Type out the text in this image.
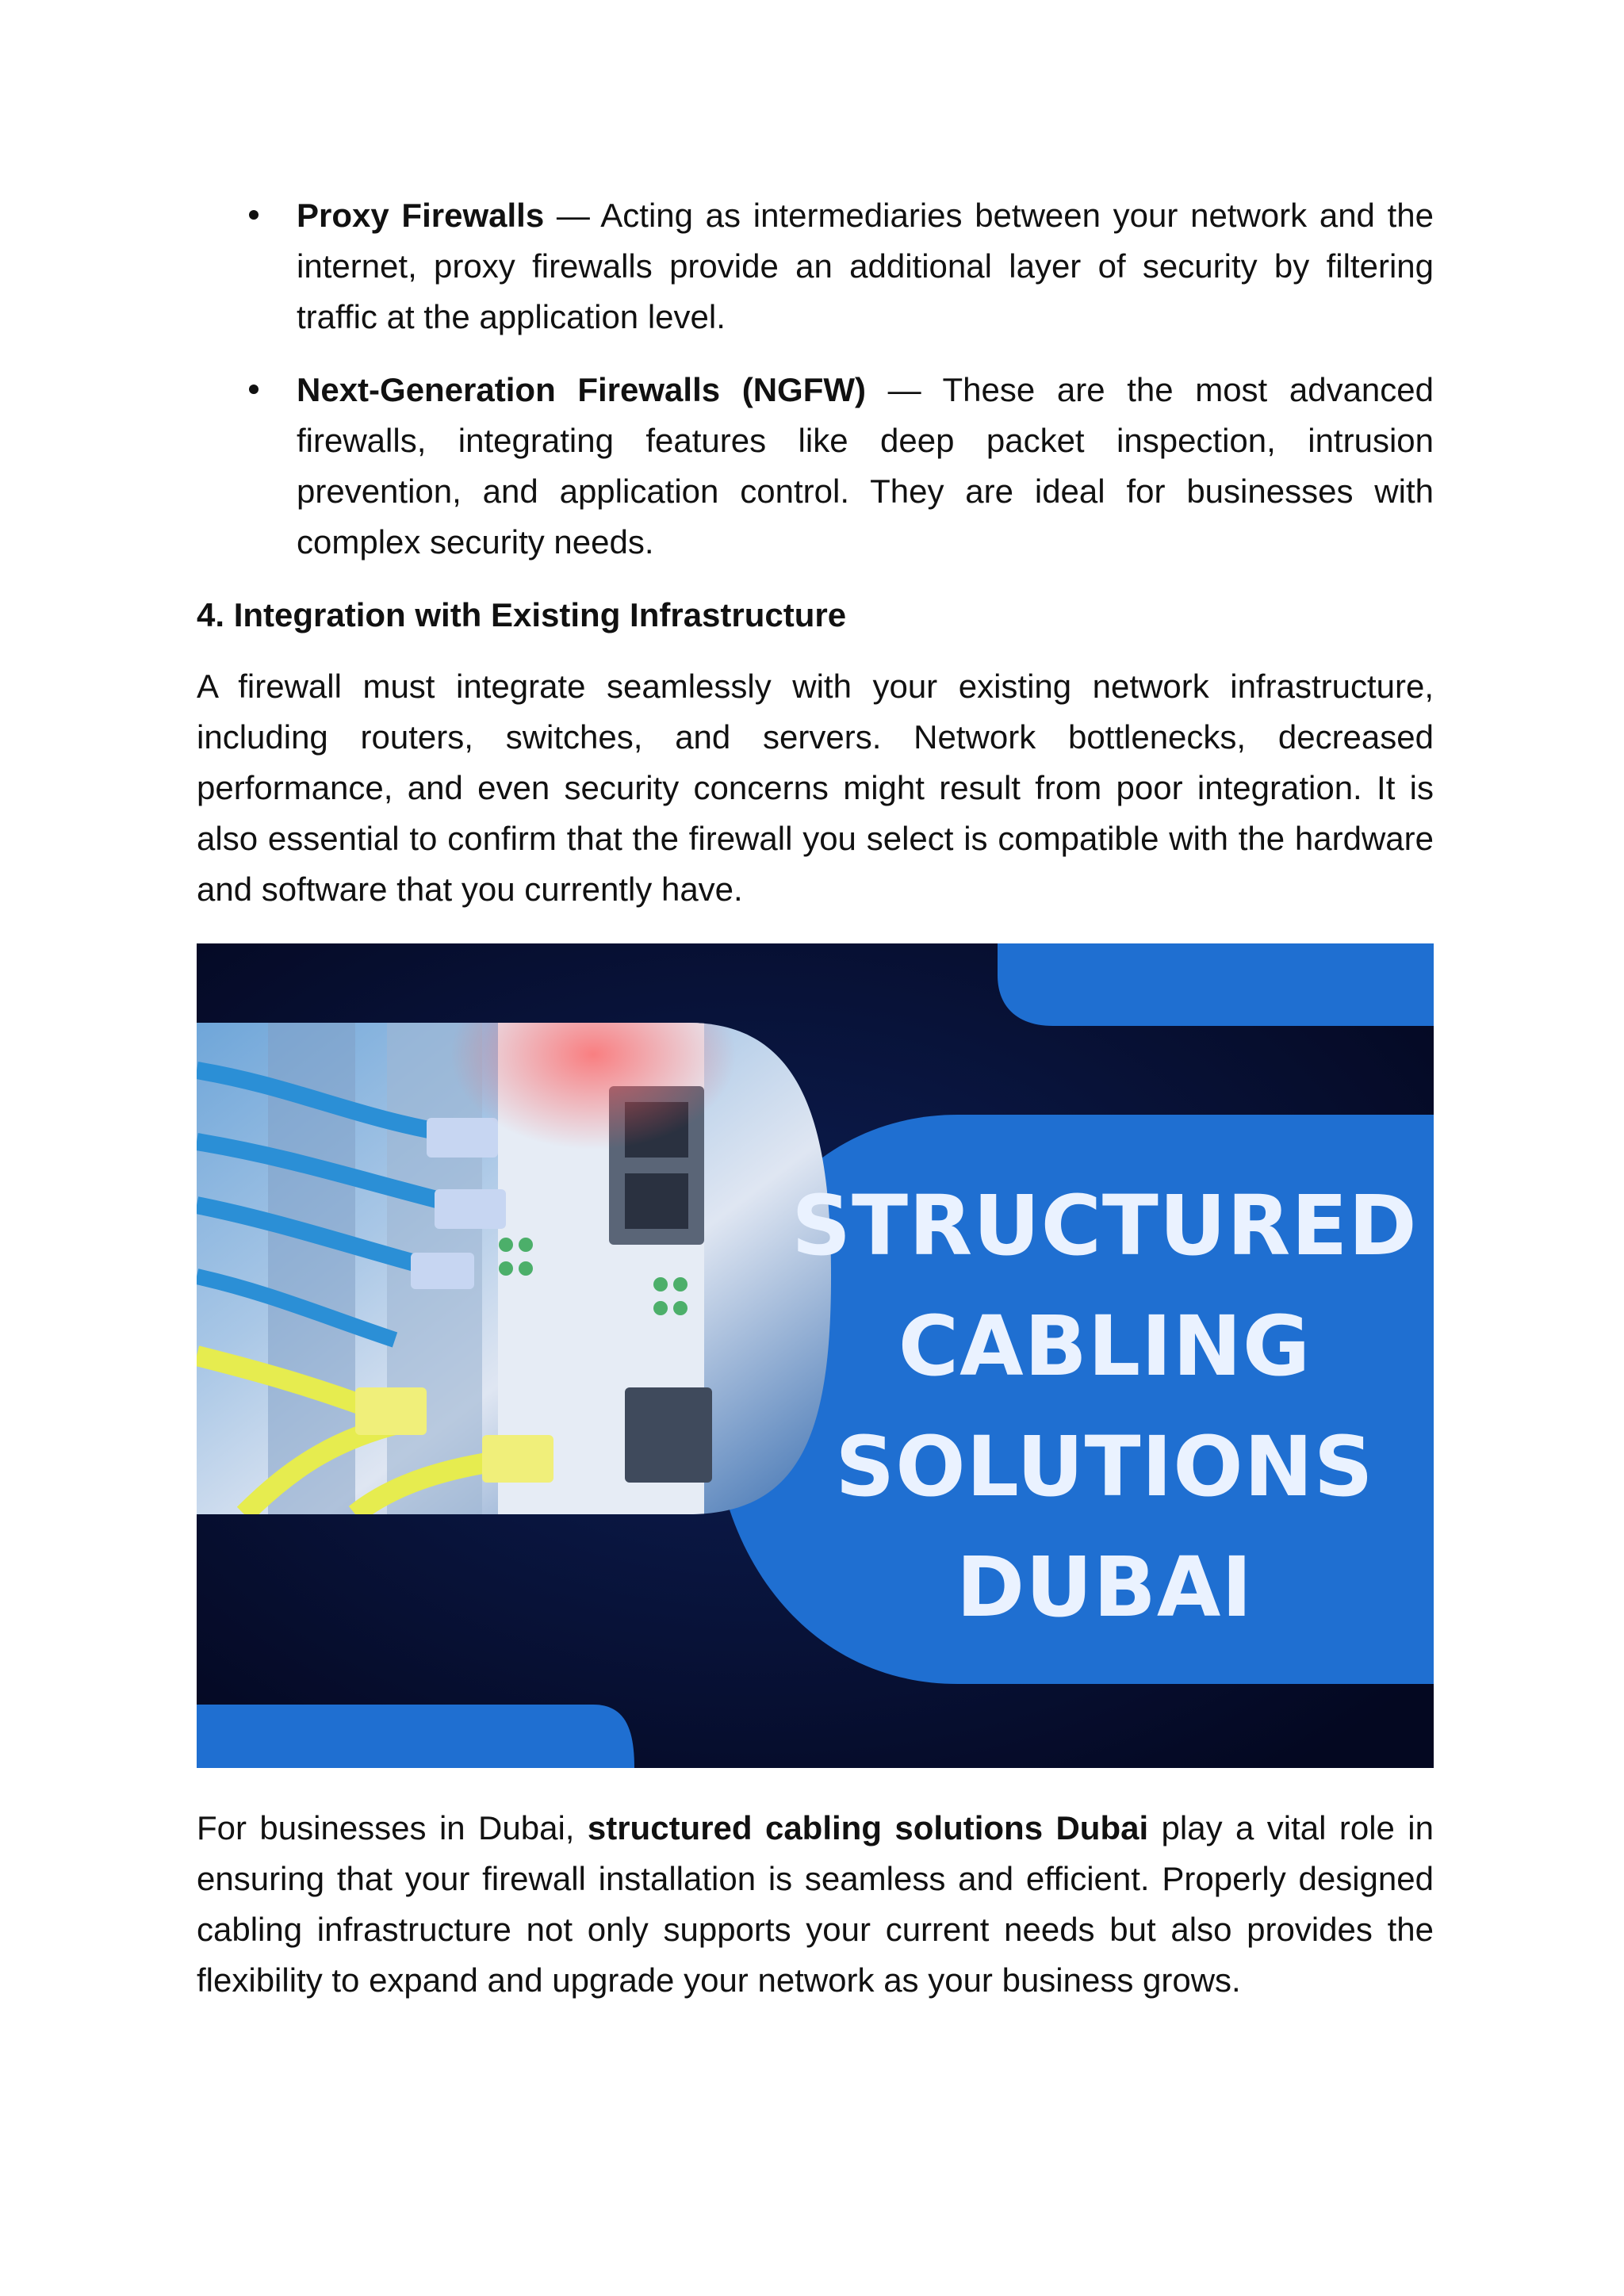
Proxy Firewalls — Acting as intermediaries between your network and the internet, proxy firewalls provide an additional layer of security by filtering traffic at the application level.
Next-Generation Firewalls (NGFW) — These are the most advanced firewalls, integrating features like deep packet inspection, intrusion prevention, and application control. They are ideal for businesses with complex security needs.
4. Integration with Existing Infrastructure

A firewall must integrate seamlessly with your existing network infrastructure, including routers, switches, and servers. Network bottlenecks, decreased performance, and even security concerns might result from poor integration. It is also essential to confirm that the firewall you select is compatible with the hardware and software that you currently have.

STRUCTURED
CABLING
SOLUTIONS
DUBAI

For businesses in Dubai, structured cabling solutions Dubai play a vital role in ensuring that your firewall installation is seamless and efficient. Properly designed cabling infrastructure not only supports your current needs but also provides the flexibility to expand and upgrade your network as your business grows.
